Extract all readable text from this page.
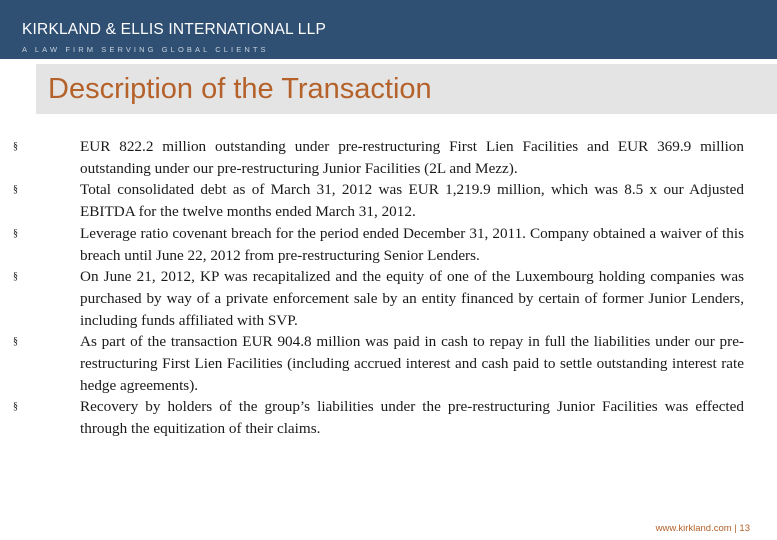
KIRKLAND & ELLIS INTERNATIONAL LLP
A LAW FIRM SERVING GLOBAL CLIENTS
Description of the Transaction
§	EUR 822.2 million outstanding under pre-restructuring First Lien Facilities and EUR 369.9 million outstanding under our pre-restructuring Junior Facilities (2L and Mezz).
§	Total consolidated debt as of March 31, 2012 was EUR 1,219.9 million, which was 8.5 x our Adjusted EBITDA for the twelve months ended March 31, 2012.
§	Leverage ratio covenant breach for the period ended December 31, 2011. Company obtained a waiver of this breach until June 22, 2012 from pre-restructuring Senior Lenders.
§	On June 21, 2012, KP was recapitalized and the equity of one of the Luxembourg holding companies was purchased by way of a private enforcement sale by an entity financed by certain of former Junior Lenders, including funds affiliated with SVP.
§	As part of the transaction EUR 904.8 million was paid in cash to repay in full the liabilities under our pre-restructuring First Lien Facilities (including accrued interest and cash paid to settle outstanding interest rate hedge agreements).
§	Recovery by holders of the group’s liabilities under the pre-restructuring Junior Facilities was effected through the equitization of their claims.
www.kirkland.com | 13
